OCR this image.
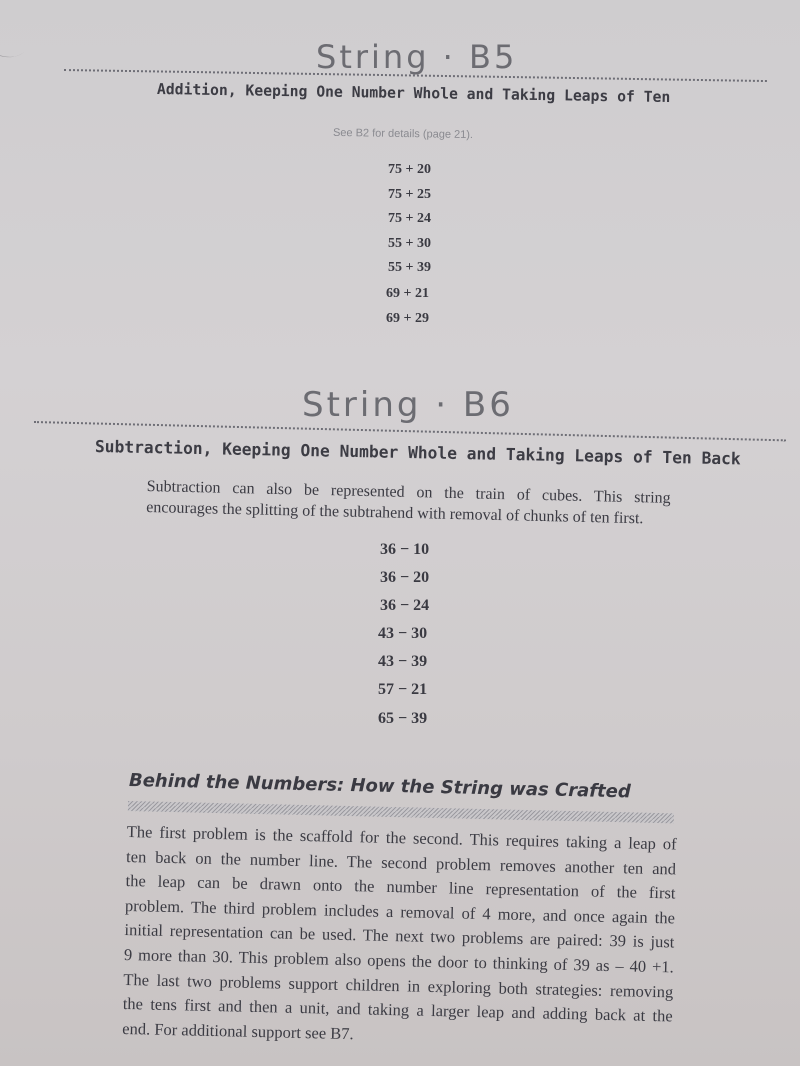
String · B5
Addition, Keeping One Number Whole and Taking Leaps of Ten
See B2 for details (page 21).
75 + 20
75 + 25
75 + 24
55 + 30
55 + 39
69 + 21
69 + 29
String · B6
Subtraction, Keeping One Number Whole and Taking Leaps of Ten Back
Subtraction can also be represented on the train of cubes. This string
encourages the splitting of the subtrahend with removal of chunks of ten first.
36 − 10
36 − 20
36 − 24
43 − 30
43 − 39
57 − 21
65 − 39
Behind the Numbers: How the String was Crafted
The first problem is the scaffold for the second. This requires taking a leap of
ten back on the number line. The second problem removes another ten and
the leap can be drawn onto the number line representation of the first
problem. The third problem includes a removal of 4 more, and once again the
initial representation can be used. The next two problems are paired: 39 is just
9 more than 30. This problem also opens the door to thinking of 39 as – 40 +1.
The last two problems support children in exploring both strategies: removing
the tens first and then a unit, and taking a larger leap and adding back at the
end. For additional support see B7.
